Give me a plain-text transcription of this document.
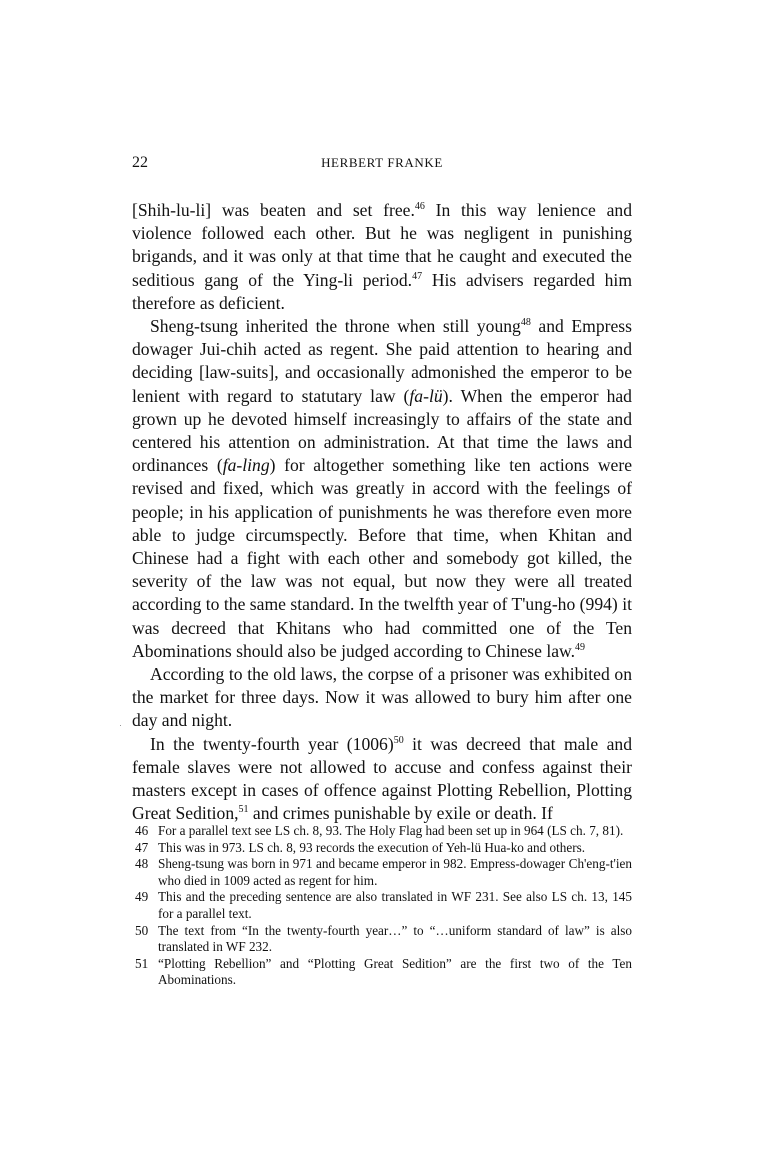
22	HERBERT FRANKE

[Shih-lu-li] was beaten and set free.$^{46}$ In this way lenience and violence followed each other. But he was negligent in punishing brigands, and it was only at that time that he caught and executed the seditious gang of the Ying-li period.$^{47}$ His advisers regarded him therefore as deficient.

Sheng-tsung inherited the throne when still young$^{48}$ and Empress dowager Jui-chih acted as regent. She paid attention to hearing and deciding [law-suits], and occasionally admonished the emperor to be lenient with regard to statutary law (fa-lü). When the emperor had grown up he devoted himself increasingly to affairs of the state and centered his attention on administration. At that time the laws and ordinances (fa-ling) for altogether something like ten actions were revised and fixed, which was greatly in accord with the feelings of people; in his application of punishments he was therefore even more able to judge circumspectly. Before that time, when Khitan and Chinese had a fight with each other and somebody got killed, the severity of the law was not equal, but now they were all treated according to the same standard. In the twelfth year of T'ung-ho (994) it was decreed that Khitans who had committed one of the Ten Abominations should also be judged according to Chinese law.$^{49}$

According to the old laws, the corpse of a prisoner was exhibited on the market for three days. Now it was allowed to bury him after one day and night.

In the twenty-fourth year $(1006)^{50}$ it was decreed that male and female slaves were not allowed to accuse and confess against their masters except in cases of offence against Plotting Rebellion, Plotting Great Sedition,$^{51}$ and crimes punishable by exile or death. If

46 For a parallel text see LS ch. 8, 93. The Holy Flag had been set up in 964 (LS ch. 7, 81).
47 This was in 973. LS ch. 8, 93 records the execution of Yeh-lü Hua-ko and others.
48 Sheng-tsung was born in 971 and became emperor in 982. Empress-dowager Ch'eng-t'ien who died in 1009 acted as regent for him.
49 This and the preceding sentence are also translated in WF 231. See also LS ch. 13, 145 for a parallel text.
50 The text from “In the twenty-fourth year…” to “…uniform standard of law” is also translated in WF 232.
51 “Plotting Rebellion” and “Plotting Great Sedition” are the first two of the Ten Abominations.
